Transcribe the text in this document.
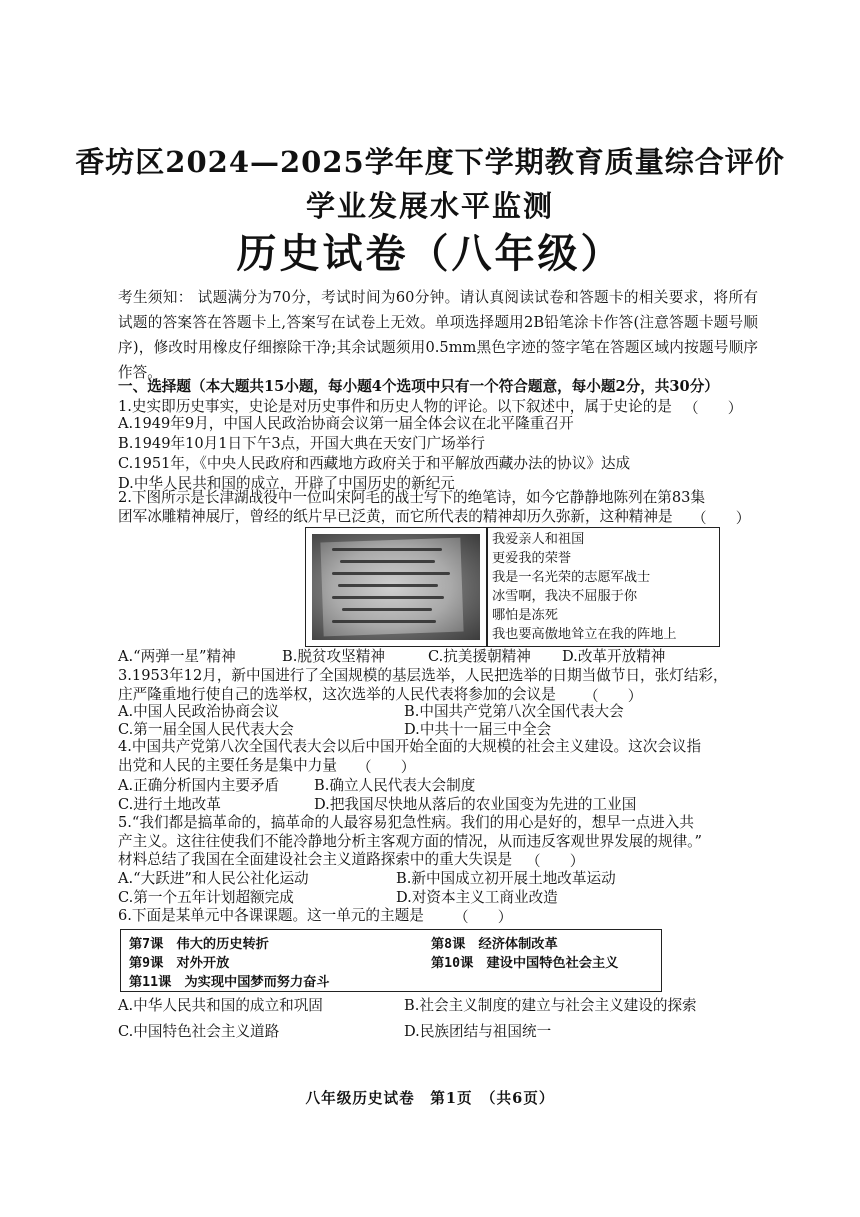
香坊区2024—2025学年度下学期教育质量综合评价
学业发展水平监测
历史试卷（八年级）
考生须知： 试题满分为70分，考试时间为60分钟。请认真阅读试卷和答题卡的相关要求，将所有试题的答案答在答题卡上,答案写在试卷上无效。单项选择题用2B铅笔涂卡作答(注意答题卡题号顺序)，修改时用橡皮仔细擦除干净;其余试题须用0.5mm黑色字迹的签字笔在答题区域内按题号顺序作答。
一、选择题（本大题共15小题，每小题4个选项中只有一个符合题意，每小题2分，共30分）
1.史实即历史事实，史论是对历史事件和历史人物的评论。以下叙述中，属于史论的是 （　　）
A.1949年9月，中国人民政治协商会议第一届全体会议在北平隆重召开
B.1949年10月1日下午3点，开国大典在天安门广场举行
C.1951年，《中央人民政府和西藏地方政府关于和平解放西藏办法的协议》达成
D.中华人民共和国的成立，开辟了中国历史的新纪元
2.下图所示是长津湖战役中一位叫宋阿毛的战士写下的绝笔诗，如今它静静地陈列在第83集
团军冰雕精神展厅，曾经的纸片早已泛黄，而它所代表的精神却历久弥新，这种精神是 （　　）
我爱亲人和祖国
更爱我的荣誉
我是一名光荣的志愿军战士
冰雪啊，我决不屈服于你
哪怕是冻死
我也要高傲地耸立在我的阵地上
A.“两弹一星”精神	B.脱贫攻坚精神	C.抗美援朝精神 D.改革开放精神
3.1953年12月，新中国进行了全国规模的基层选举，人民把选举的日期当做节日，张灯结彩，
庄严隆重地行使自己的选举权，这次选举的人民代表将参加的会议是 （　　）
A.中国人民政治协商会议	B.中国共产党第八次全国代表大会
C.第一届全国人民代表大会	D.中共十一届三中全会
4.中国共产党第八次全国代表大会以后中国开始全面的大规模的社会主义建设。这次会议指
出党和人民的主要任务是集中力量 （　　）
A.正确分析国内主要矛盾 B.确立人民代表大会制度
C.进行土地改革	D.把我国尽快地从落后的农业国变为先进的工业国
5.“我们都是搞革命的，搞革命的人最容易犯急性病。我们的用心是好的，想早一点进入共
产主义。这往往使我们不能冷静地分析主客观方面的情况，从而违反客观世界发展的规律。”
材料总结了我国在全面建设社会主义道路探索中的重大失误是 （　　）
A.“大跃进”和人民公社化运动	B.新中国成立初开展土地改革运动
C.第一个五年计划超额完成	D.对资本主义工商业改造
6.下面是某单元中各课课题。这一单元的主题是 （　　）
第7课　伟大的历史转折	第8课　经济体制改革
第9课　对外开放	第10课　建设中国特色社会主义
第11课　为实现中国梦而努力奋斗
A.中华人民共和国的成立和巩固	B.社会主义制度的建立与社会主义建设的探索
C.中国特色社会主义道路	D.民族团结与祖国统一
八年级历史试卷　第1页　（共6页）
